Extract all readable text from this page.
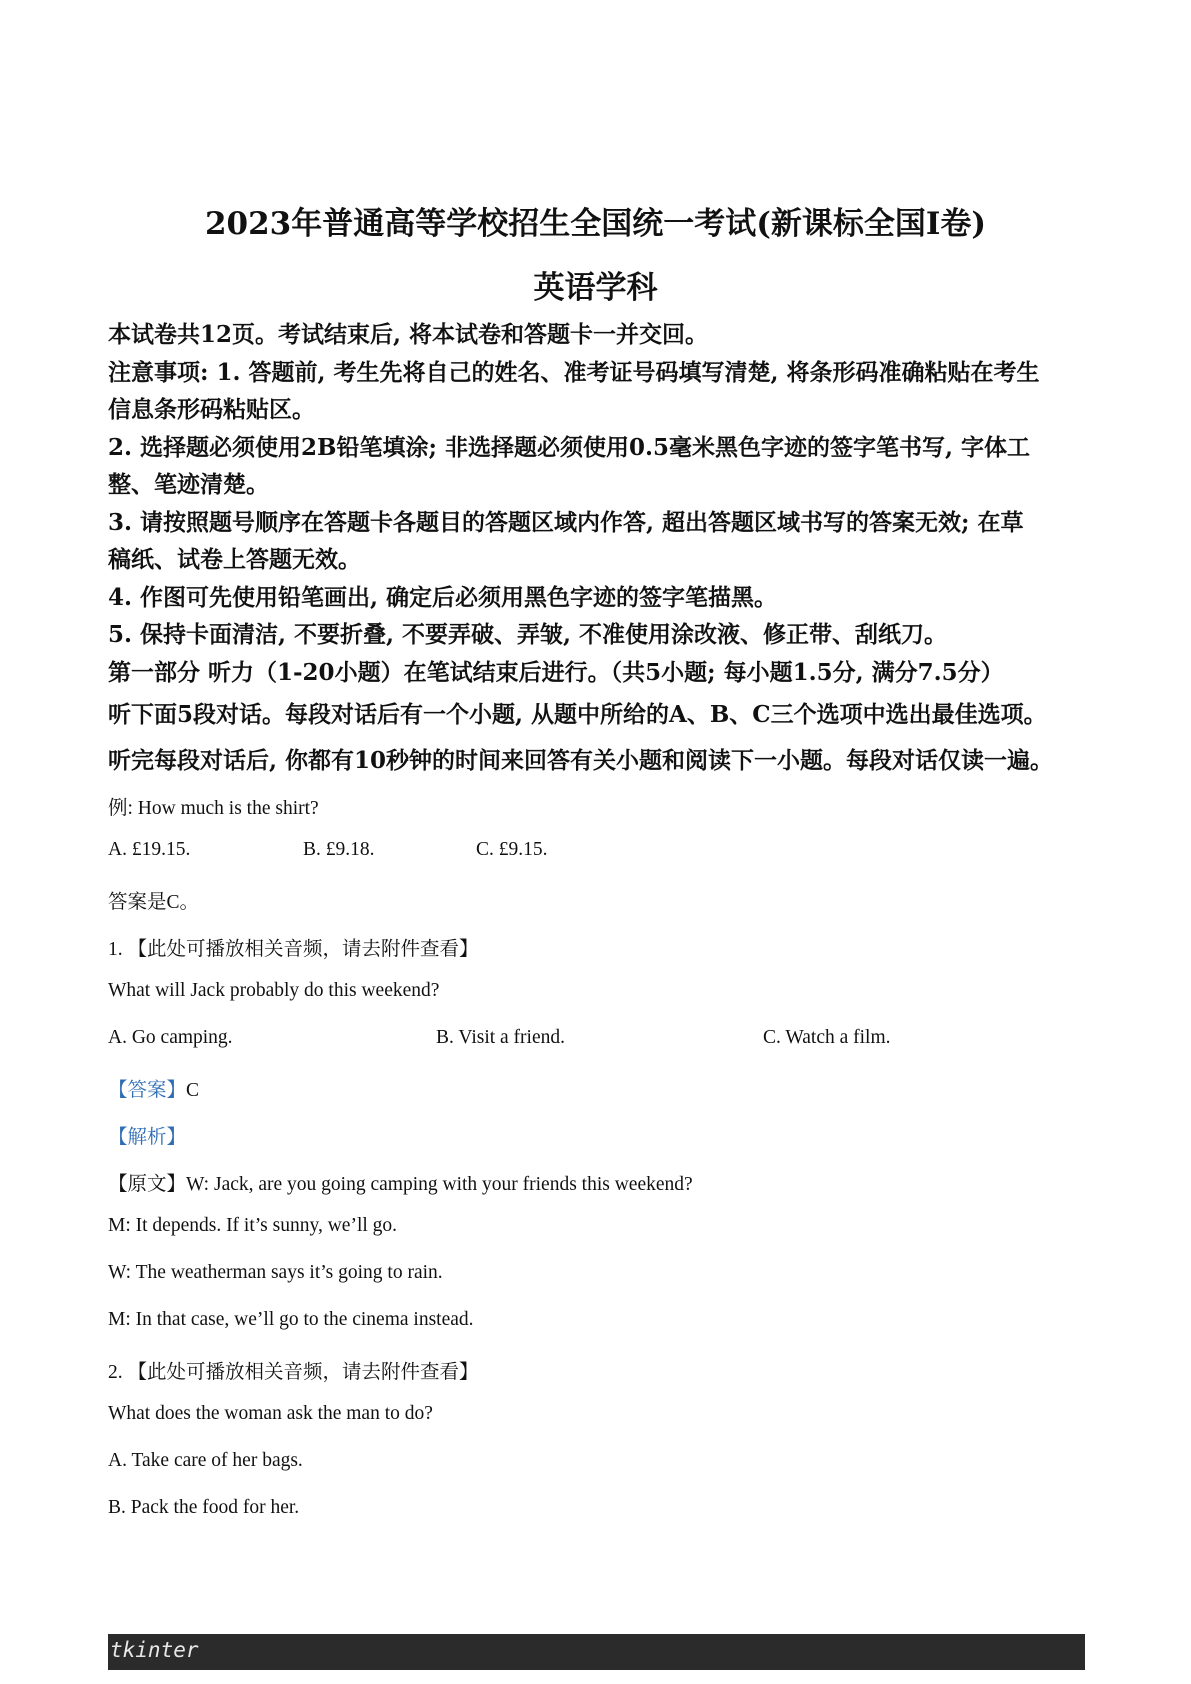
2023年普通高等学校招生全国统一考试(新课标全国Ⅰ卷)
英语学科
本试卷共12页。考试结束后, 将本试卷和答题卡一并交回。
注意事项: 1. 答题前, 考生先将自己的姓名、准考证号码填写清楚, 将条形码准确粘贴在考生
信息条形码粘贴区。
2. 选择题必须使用2B铅笔填涂; 非选择题必须使用0.5毫米黑色字迹的签字笔书写, 字体工
整、笔迹清楚。
3. 请按照题号顺序在答题卡各题目的答题区域内作答, 超出答题区域书写的答案无效; 在草
稿纸、试卷上答题无效。
4. 作图可先使用铅笔画出, 确定后必须用黑色字迹的签字笔描黑。
5. 保持卡面清洁, 不要折叠, 不要弄破、弄皱, 不准使用涂改液、修正带、刮纸刀。
第一部分 听力（1-20小题）在笔试结束后进行。（共5小题; 每小题1.5分, 满分7.5分）
听下面5段对话。每段对话后有一个小题, 从题中所给的A、B、C三个选项中选出最佳选项。
听完每段对话后, 你都有10秒钟的时间来回答有关小题和阅读下一小题。每段对话仅读一遍。
例: How much is the shirt?
A. £19.15.	B. £9.18.	C. £9.15.
答案是C。
1. 【此处可播放相关音频，请去附件查看】
What will Jack probably do this weekend?
A. Go camping.	B. Visit a friend.	C. Watch a film.
【答案】C
【解析】
【原文】W: Jack, are you going camping with your friends this weekend?
M: It depends. If it’s sunny, we’ll go.
W: The weatherman says it’s going to rain.
M: In that case, we’ll go to the cinema instead.
2. 【此处可播放相关音频，请去附件查看】
What does the woman ask the man to do?
A. Take care of her bags.
B. Pack the food for her.
tkinter
